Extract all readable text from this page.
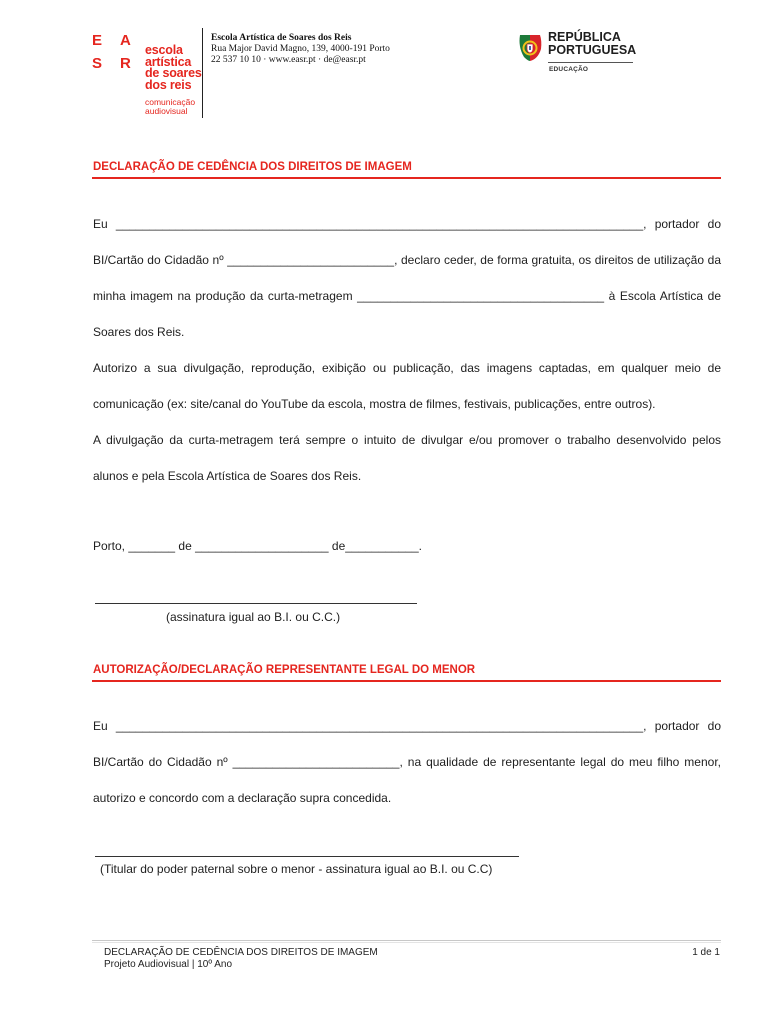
E A
S R
escola
artística
de soares
dos reis
comunicação
audiovisual
Escola Artística de Soares dos Reis
Rua Major David Magno, 139, 4000-191 Porto
22 537 10 10 · www.easr.pt · de@easr.pt
REPÚBLICA
PORTUGUESA
EDUCAÇÃO
DECLARAÇÃO DE CEDÊNCIA DOS DIREITOS DE IMAGEM

Eu _______________________________________________________________________________, portador do BI/Cartão do Cidadão nº _________________________, declaro ceder, de forma gratuita, os direitos de utilização da minha imagem na produção da curta-metragem _____________________________________ à Escola Artística de Soares dos Reis.

Autorizo a sua divulgação, reprodução, exibição ou publicação, das imagens captadas, em qualquer meio de comunicação (ex: site/canal do YouTube da escola, mostra de filmes, festivais, publicações, entre outros).

A divulgação da curta-metragem terá sempre o intuito de divulgar e/ou promover o trabalho desenvolvido pelos alunos e pela Escola Artística de Soares dos Reis.

Porto, _______ de ____________________ de___________.
(assinatura igual ao B.I. ou C.C.)
AUTORIZAÇÃO/DECLARAÇÃO REPRESENTANTE LEGAL DO MENOR

Eu _______________________________________________________________________________, portador do BI/Cartão do Cidadão nº _________________________, na qualidade de representante legal do meu filho menor, autorizo e concordo com a declaração supra concedida.

(Titular do poder paternal sobre o menor - assinatura igual ao B.I. ou C.C)
DECLARAÇÃO DE CEDÊNCIA DOS DIREITOS DE IMAGEM
Projeto Audiovisual | 10º Ano
1 de 1
